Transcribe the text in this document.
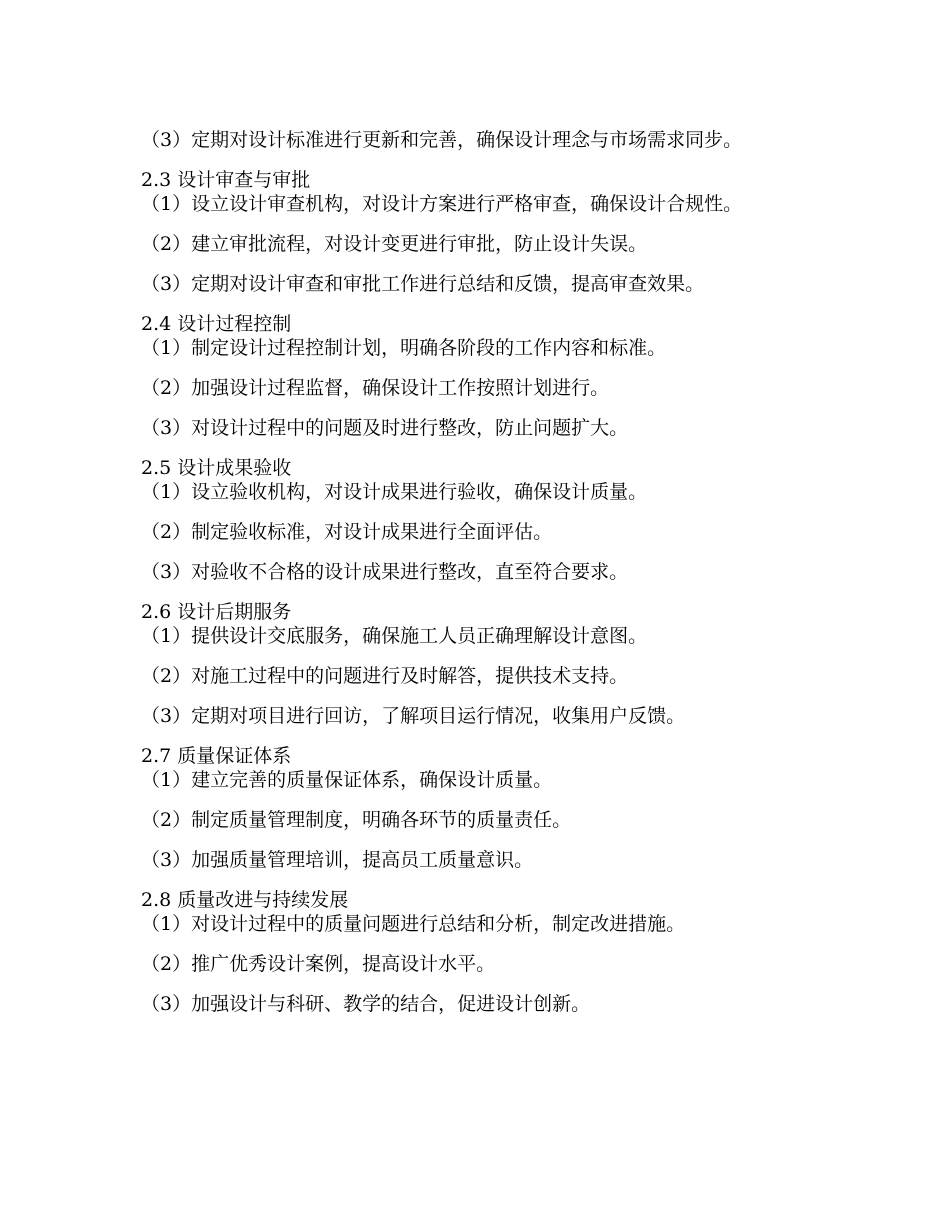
（3）定期对设计标准进行更新和完善，确保设计理念与市场需求同步。

2.3 设计审查与审批

（1）设立设计审查机构，对设计方案进行严格审查，确保设计合规性。

（2）建立审批流程，对设计变更进行审批，防止设计失误。

（3）定期对设计审查和审批工作进行总结和反馈，提高审查效果。

2.4 设计过程控制

（1）制定设计过程控制计划，明确各阶段的工作内容和标准。

（2）加强设计过程监督，确保设计工作按照计划进行。

（3）对设计过程中的问题及时进行整改，防止问题扩大。

2.5 设计成果验收

（1）设立验收机构，对设计成果进行验收，确保设计质量。

（2）制定验收标准，对设计成果进行全面评估。

（3）对验收不合格的设计成果进行整改，直至符合要求。

2.6 设计后期服务

（1）提供设计交底服务，确保施工人员正确理解设计意图。

（2）对施工过程中的问题进行及时解答，提供技术支持。

（3）定期对项目进行回访，了解项目运行情况，收集用户反馈。

2.7 质量保证体系

（1）建立完善的质量保证体系，确保设计质量。

（2）制定质量管理制度，明确各环节的质量责任。

（3）加强质量管理培训，提高员工质量意识。

2.8 质量改进与持续发展

（1）对设计过程中的质量问题进行总结和分析，制定改进措施。

（2）推广优秀设计案例，提高设计水平。

（3）加强设计与科研、教学的结合，促进设计创新。
